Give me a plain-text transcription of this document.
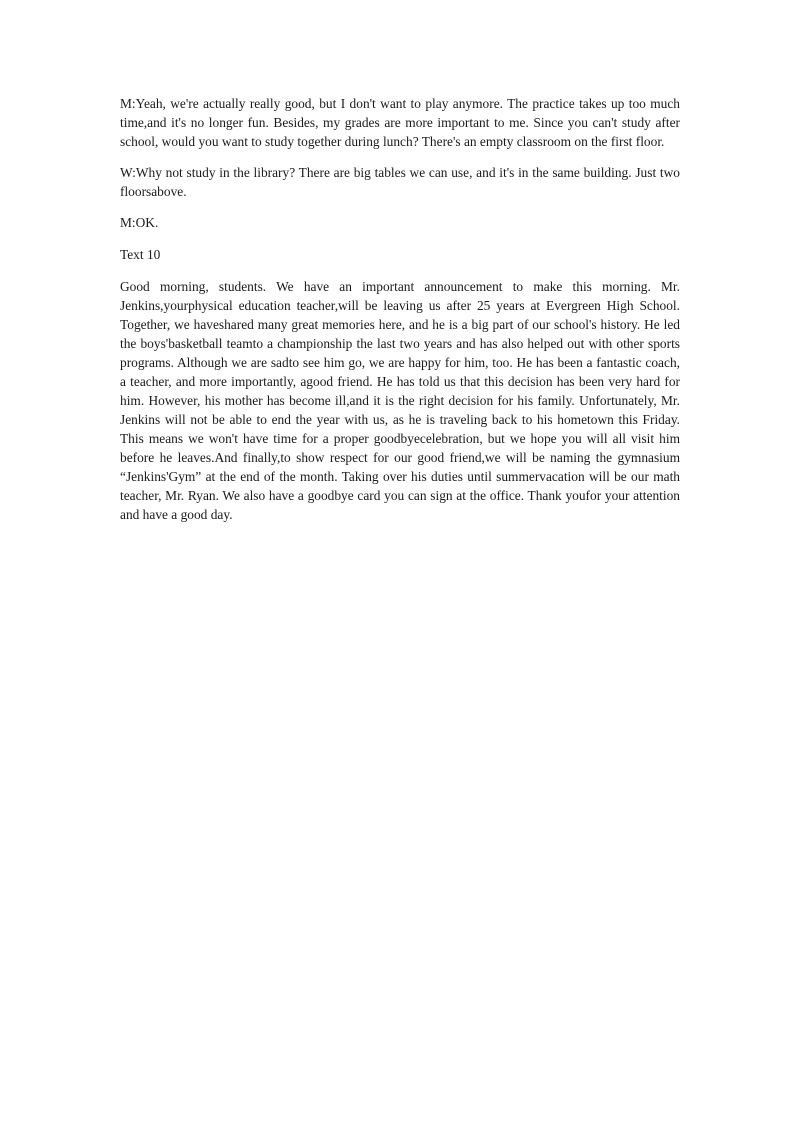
M:Yeah, we're actually really good, but I don't want to play anymore. The practice takes up too much time,and it's no longer fun. Besides, my grades are more important to me. Since you can't study after school, would you want to study together during lunch? There's an empty classroom on the first floor.

W:Why not study in the library? There are big tables we can use, and it's in the same building. Just two floorsabove.

M:OK.

Text 10

Good morning, students. We have an important announcement to make this morning. Mr. Jenkins,yourphysical education teacher,will be leaving us after 25 years at Evergreen High School. Together, we haveshared many great memories here, and he is a big part of our school's history. He led the boys'basketball teamto a championship the last two years and has also helped out with other sports programs. Although we are sadto see him go, we are happy for him, too. He has been a fantastic coach, a teacher, and more importantly, agood friend. He has told us that this decision has been very hard for him. However, his mother has become ill,and it is the right decision for his family. Unfortunately, Mr. Jenkins will not be able to end the year with us, as he is traveling back to his hometown this Friday. This means we won't have time for a proper goodbyecelebration, but we hope you will all visit him before he leaves.And finally,to show respect for our good friend,we will be naming the gymnasium “Jenkins'Gym” at the end of the month. Taking over his duties until summervacation will be our math teacher, Mr. Ryan. We also have a goodbye card you can sign at the office. Thank youfor your attention and have a good day.
